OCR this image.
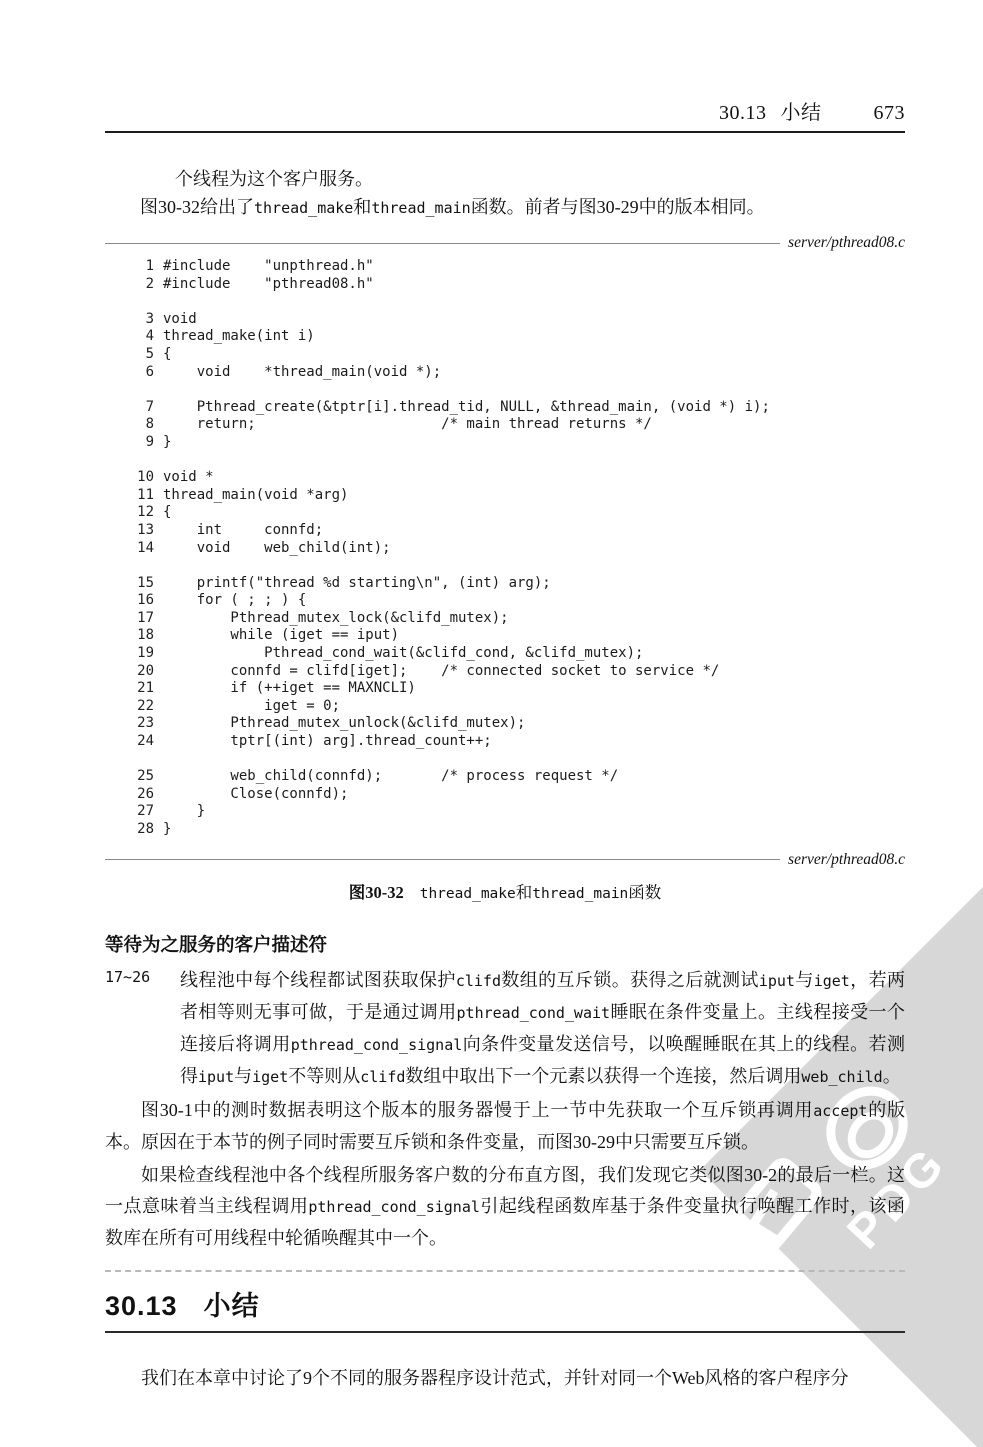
PDG
30.13 小结	673
个线程为这个客户服务。
图30-32给出了thread_make和thread_main函数。前者与图30-29中的版本相同。
server/pthread08.c
1 #include    "unpthread.h"
2 #include    "pthread08.h"
3 void
4 thread_make(int i)
5 {
6 void    *thread_main(void *);
7 Pthread_create(&tptr[i].thread_tid, NULL, &thread_main, (void *) i);
8 return;                      /* main thread returns */
9 }
10 void *
11 thread_main(void *arg)
12 {
13 int     connfd;
14 void    web_child(int);
15 printf("thread %d starting\n", (int) arg);
16 for ( ; ; ) {
17 Pthread_mutex_lock(&clifd_mutex);
18 while (iget == iput)
19 Pthread_cond_wait(&clifd_cond, &clifd_mutex);
20 connfd = clifd[iget];    /* connected socket to service */
21 if (++iget == MAXNCLI)
22 iget = 0;
23 Pthread_mutex_unlock(&clifd_mutex);
24 tptr[(int) arg].thread_count++;
25 web_child(connfd);       /* process request */
26 Close(connfd);
27 }
28 }
server/pthread08.c
图30-32 thread_make和thread_main函数
等待为之服务的客户描述符
17~26	线程池中每个线程都试图获取保护clifd数组的互斥锁。获得之后就测试iput与iget，若两者相等则无事可做，于是通过调用pthread_cond_wait睡眠在条件变量上。主线程接受一个连接后将调用pthread_cond_signal向条件变量发送信号，以唤醒睡眠在其上的线程。若测得iput与iget不等则从clifd数组中取出下一个元素以获得一个连接，然后调用web_child。

图30-1中的测时数据表明这个版本的服务器慢于上一节中先获取一个互斥锁再调用accept的版本。原因在于本节的例子同时需要互斥锁和条件变量，而图30-29中只需要互斥锁。

如果检查线程池中各个线程所服务客户数的分布直方图，我们发现它类似图30-2的最后一栏。这一点意味着当主线程调用pthread_cond_signal引起线程函数库基于条件变量执行唤醒工作时，该函数库在所有可用线程中轮循唤醒其中一个。

30.13 小结

我们在本章中讨论了9个不同的服务器程序设计范式，并针对同一个Web风格的客户程序分
